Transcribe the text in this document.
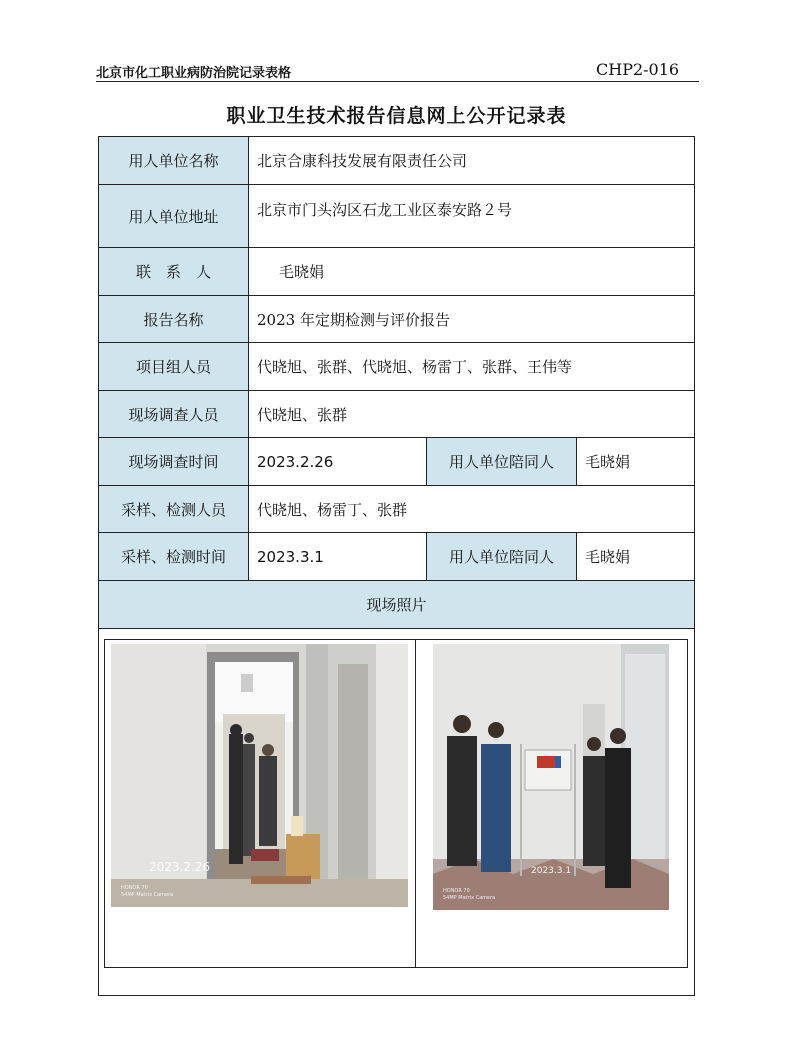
北京市化工职业病防治院记录表格	CHP2-016
职业卫生技术报告信息网上公开记录表
用人单位名称	北京合康科技发展有限责任公司
用人单位地址	北京市门头沟区石龙工业区泰安路２号
联　系　人	毛晓娟
报告名称	2023 年定期检测与评价报告
项目组人员	代晓旭、张群、代晓旭、杨雷丁、张群、王伟等
现场调查人员	代晓旭、张群
现场调查时间	2023.2.26	用人单位陪同人	毛晓娟
采样、检测人员	代晓旭、杨雷丁、张群
采样、检测时间	2023.3.1	用人单位陪同人	毛晓娟
现场照片
2023.2.26
HONOR 70
54MP Matrix Camera
2023.3.1
HONOR 70
54MP Matrix Camera
